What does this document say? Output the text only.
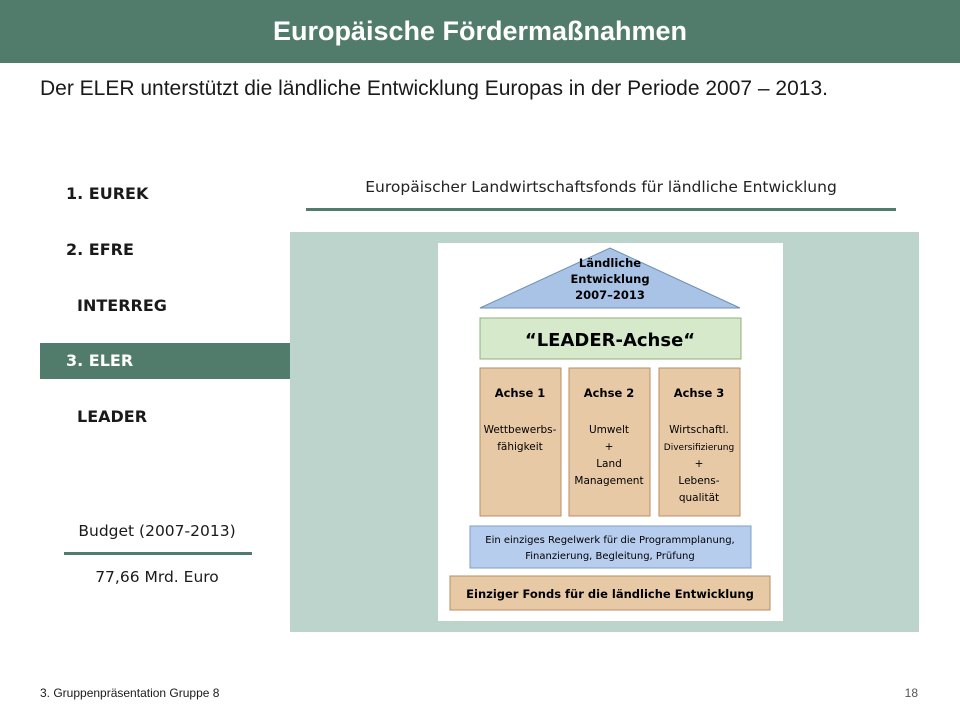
Europäische Fördermaßnahmen
Der ELER unterstützt die ländliche Entwicklung Europas in der Periode 2007 – 2013.
1. EUREK
2. EFRE
INTERREG
3. ELER
LEADER
Europäischer Landwirtschaftsfonds für ländliche Entwicklung
Budget (2007-2013)
77,66 Mrd. Euro
Ländliche
Entwicklung
2007–2013
“LEADER-Achse“
Achse 1
Wettbewerbs-
fähigkeit
Achse 2
Umwelt
+
Land
Management
Achse 3
Wirtschaftl.
Diversifizierung
+
Lebens-
qualität
Ein einziges Regelwerk für die Programmplanung,
Finanzierung, Begleitung, Prüfung
Einziger Fonds für die ländliche Entwicklung
3. Gruppenpräsentation Gruppe 8	18
